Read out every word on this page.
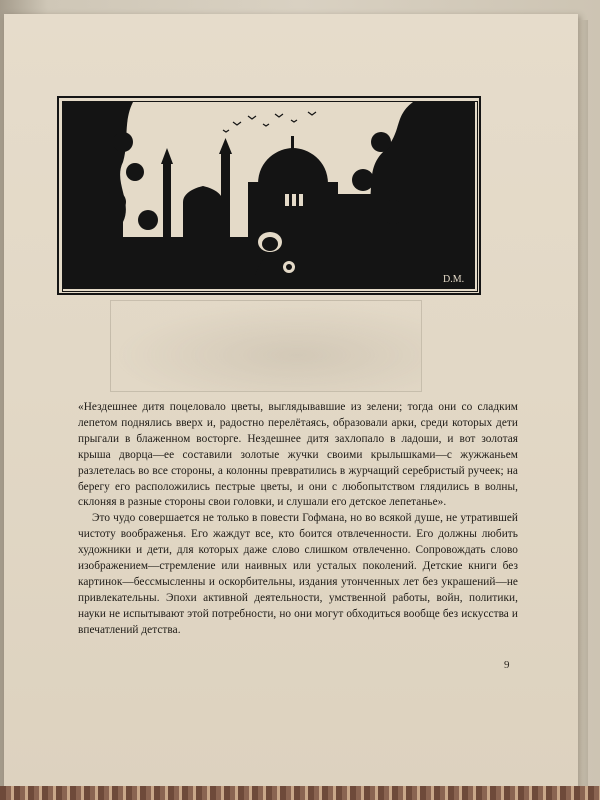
D.M.

«Нездешнее дитя поцеловало цветы, выглядывавшие из зелени; тогда они со сладким лепетом поднялись вверх и, радостно перелётаясь, образовали арки, среди которых дети прыгали в блаженном восторге. Нездешнее дитя захлопало в ладоши, и вот золотая крыша дворца—ее составили золотые жучки своими крылышками—с жужжаньем разлетелась во все стороны, а колонны превратились в журчащий серебристый ручеек; на берегу его расположились пестрые цветы, и они с любопытством глядились в волны, склоняя в разные стороны свои головки, и слушали его детское лепетанье».

Это чудо совершается не только в повести Гофмана, но во всякой душе, не утратившей чистоту воображенья. Его жаждут все, кто боится отвлеченности. Его должны любить художники и дети, для которых даже слово слишком отвлеченно. Сопровождать слово изображением—стремление или наивных или усталых поколений. Детские книги без картинок—бессмысленны и оскорбительны, издания утонченных лет без украшений—не привлекательны. Эпохи активной деятельности, умственной работы, войн, политики, науки не испытывают этой потребности, но они могут обходиться вообще без искусства и впечатлений детства.

9
